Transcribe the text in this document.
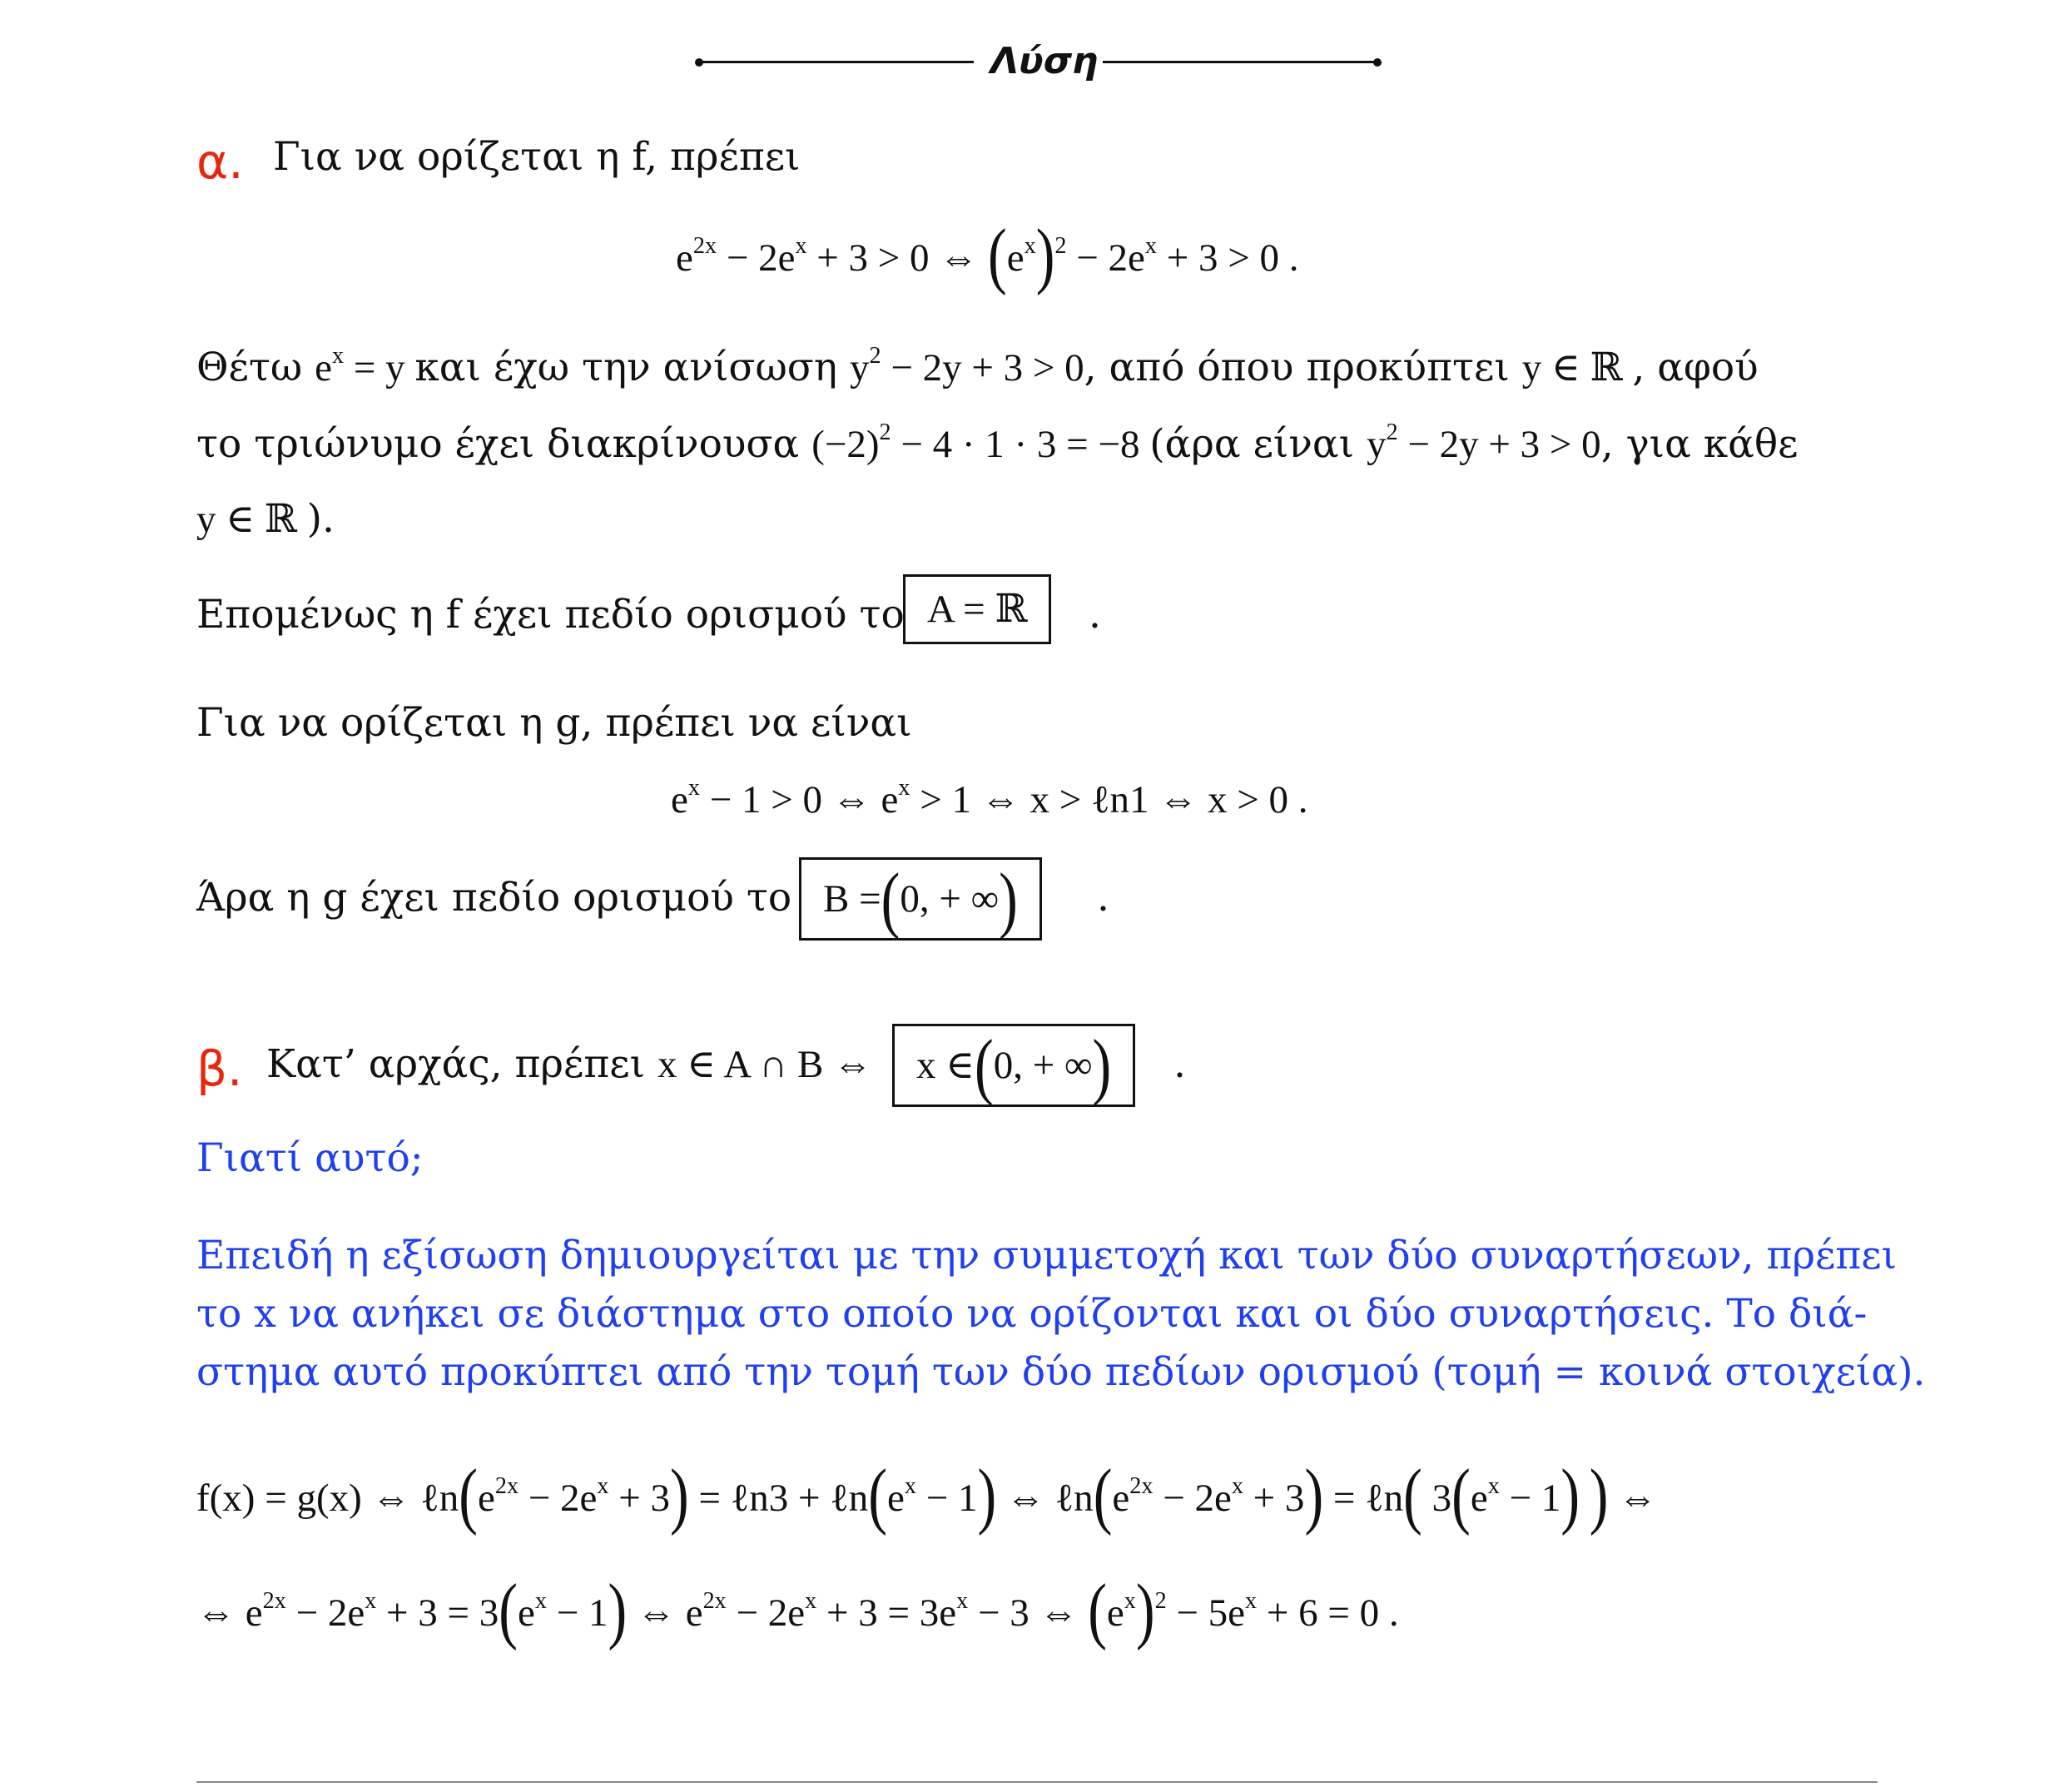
Λύση
α. Για να ορίζεται η f, πρέπει
$e^{2x} - 2e^x + 3 > 0$ ⇔ $(e^x)^2 - 2e^x + 3 > 0$ .
Θέτω $e^x = y$ και έχω την ανίσωση $y^2 - 2y + 3 > 0$, από όπου προκύπτει y ∈ ℝ , αφού
το τριώνυμο έχει διακρίνουσα $(-2)^2 - 4 \cdot 1 \cdot 3 = -8$ (άρα είναι $y^2 - 2y + 3 > 0$, για κάθε
y ∈ ℝ ).
Επομένως η f έχει πεδίο ορισμού το A = ℝ	.
Για να ορίζεται η g, πρέπει να είναι
$e^x - 1 > 0$ ⇔ $e^x > 1$ ⇔ x > ℓn1 ⇔ x > 0 .
Άρα η g έχει πεδίο ορισμού το B = ( 0, + ∞ ) .
β. Κατ’ αρχάς, πρέπει x ∈ A ∩ B ⇔	x ∈ ( 0, + ∞ ) .
Γιατί αυτό;
Επειδή η εξίσωση δημιουργείται με την συμμετοχή και των δύο συναρτήσεων, πρέπει
το x να ανήκει σε διάστημα στο οποίο να ορίζονται και οι δύο συναρτήσεις. Το διά-
στημα αυτό προκύπτει από την τομή των δύο πεδίων ορισμού (τομή = κοινά στοιχεία).
f(x) = g(x) ⇔ $\ell n(e^{2x} - 2e^x + 3)$ = ℓn3 + $\ell n(e^x - 1)$ ⇔ $\ell n(e^{2x} - 2e^x + 3)$ = ℓn( $3(e^x - 1)$ ) ⇔
⇔ $e^{2x} - 2e^x + 3 = 3(e^x - 1)$ ⇔ $e^{2x} - 2e^x + 3 = 3e^x - 3$ ⇔ $(e^x)^2 - 5e^x + 6 = 0$ .
